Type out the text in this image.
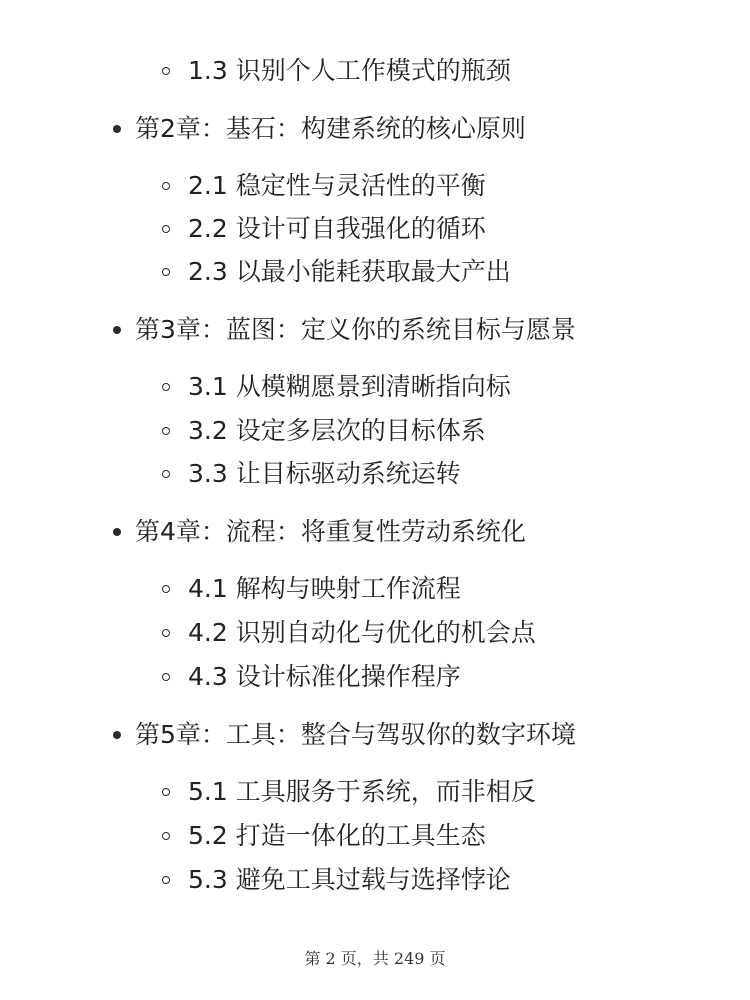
1.3 识别个人工作模式的瓶颈
第2章：基石：构建系统的核心原则
2.1 稳定性与灵活性的平衡
2.2 设计可自我强化的循环
2.3 以最小能耗获取最大产出
第3章：蓝图：定义你的系统目标与愿景
3.1 从模糊愿景到清晰指向标
3.2 设定多层次的目标体系
3.3 让目标驱动系统运转
第4章：流程：将重复性劳动系统化
4.1 解构与映射工作流程
4.2 识别自动化与优化的机会点
4.3 设计标准化操作程序
第5章：工具：整合与驾驭你的数字环境
5.1 工具服务于系统，而非相反
5.2 打造一体化的工具生态
5.3 避免工具过载与选择悖论
第 2 页，共 249 页
